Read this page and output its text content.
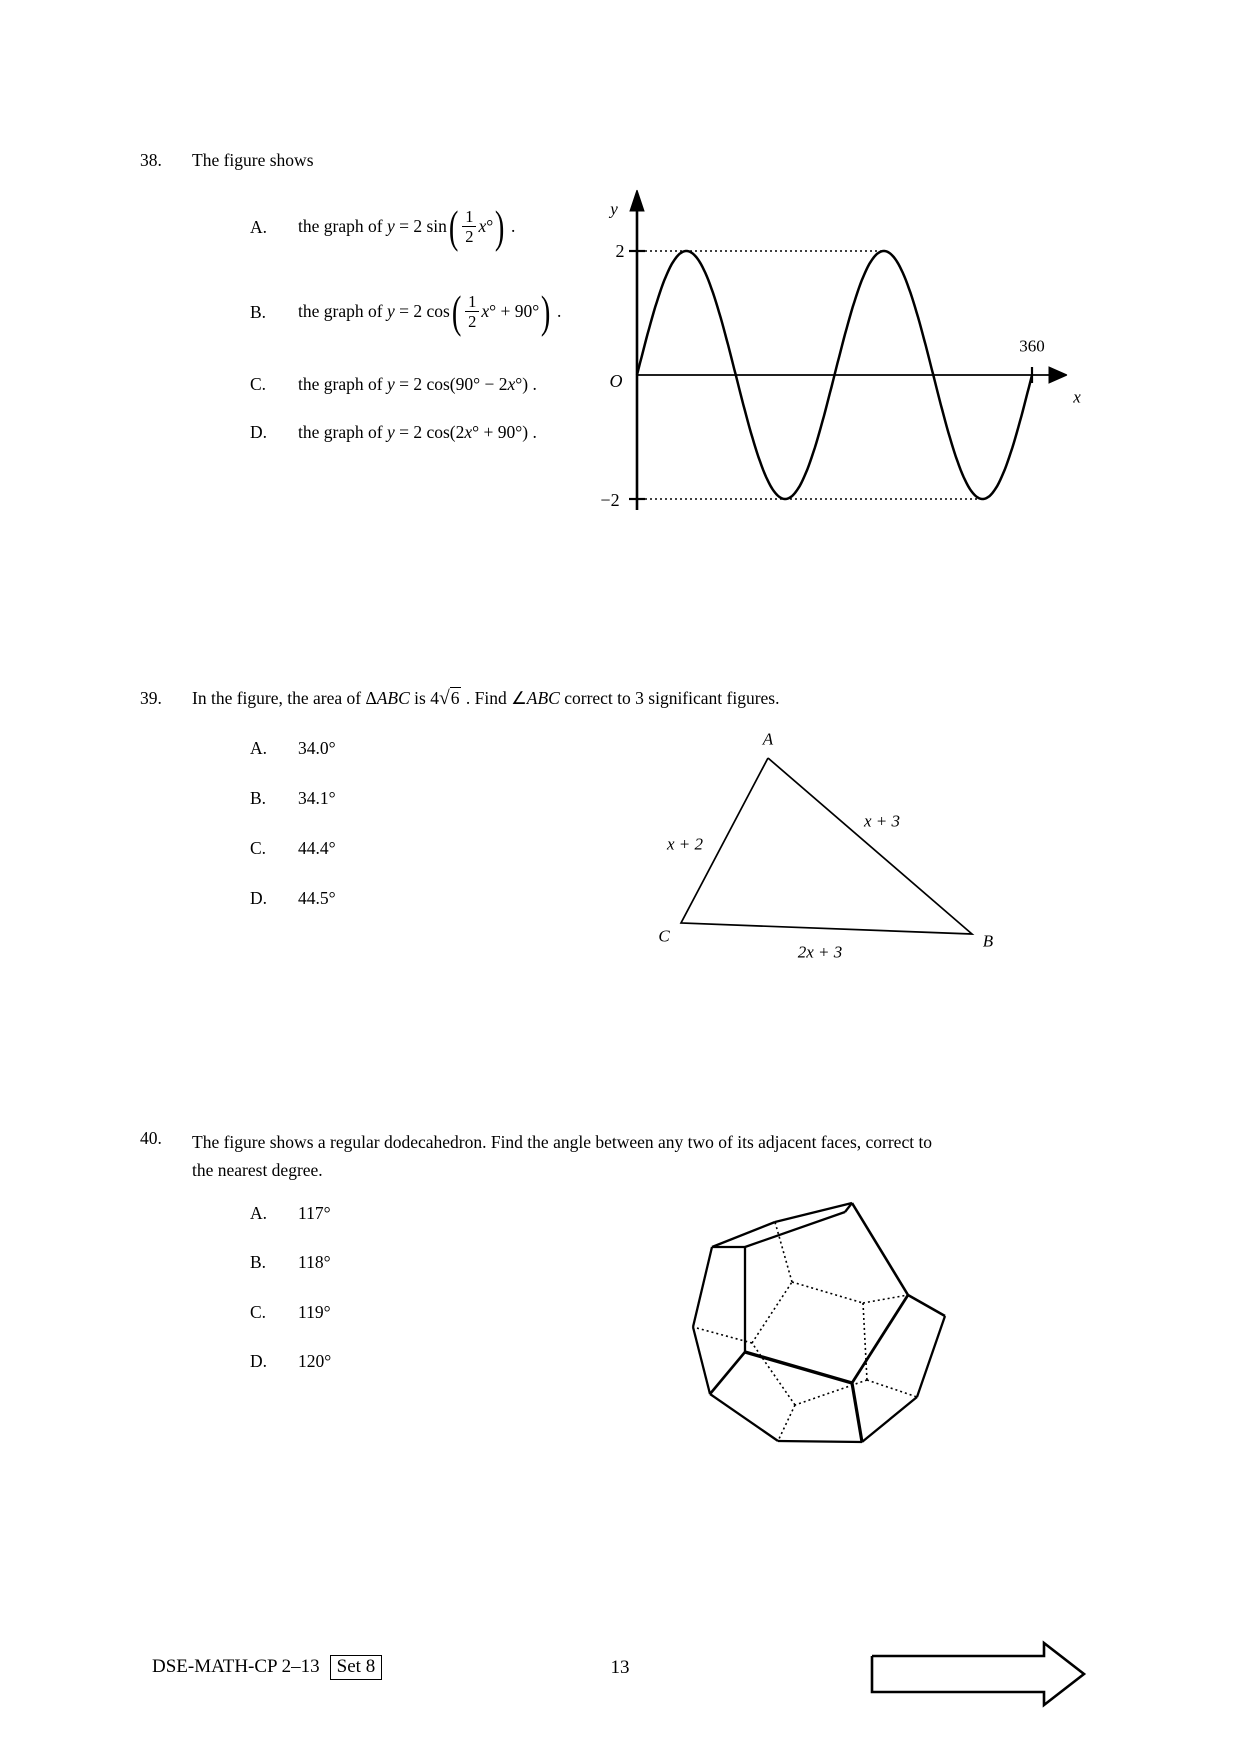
38.	The figure shows
A.	the graph of y = 2 sin ( $\frac{1}{2}$ x ° ) .
B.	the graph of y = 2 cos ( $\frac{1}{2}$ x ° + 90° ) .
C.	the graph of y = 2 cos(90° − 2 x °) .
D.	the graph of y = 2 cos(2 x ° + 90°) .
y
2
O
−2
360
x
39.	In the figure, the area of ΔABC is 4√6 . Find ∠ABC correct to 3 significant figures.
A.	34.0°
B.	34.1°
C.	44.4°
D.	44.5°
A
C	B
x + 2
x + 3
2x + 3
40.	The figure shows a regular dodecahedron. Find the angle between any two of its adjacent faces, correct to
the nearest degree.
A.	117°
B.	118°
C.	119°
D.	120°
DSE-MATH-CP 2–13 Set 8	13
